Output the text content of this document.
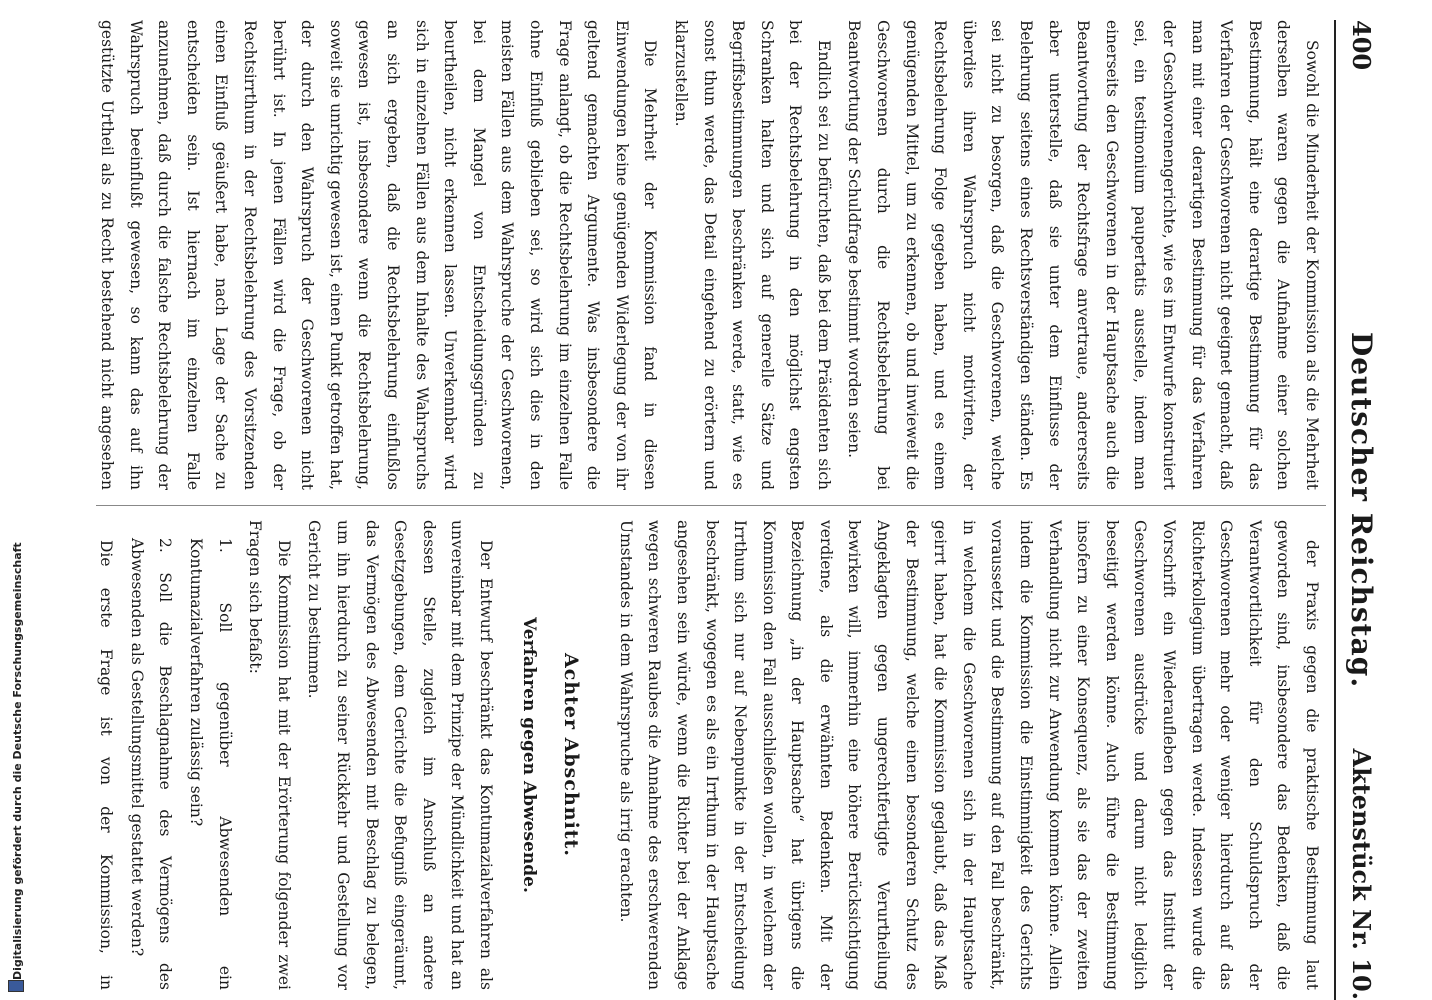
400
Deutscher Reichstag.
Aktenstück Nr. 10.

Sowohl die Minderheit der Kommission als die Mehrheit derselben waren gegen die Aufnahme einer solchen Bestimmung, hält eine derartige Bestimmung für das Verfahren der Geschworenen nicht geeignet gemacht, daß man mit einer derartigen Bestimmung für das Verfahren der Geschworenengerichte, wie es im Entwurfe konstruiert sei, ein testimonium paupertatis ausstelle, indem man einerseits den Geschworenen in der Hauptsache auch die Beantwortung der Rechtsfrage anvertraue, andererseits aber unterstelle, daß sie unter dem Einflusse der Belehrung seitens eines Rechtsverständigen ständen. Es sei nicht zu besorgen, daß die Geschworenen, welche überdies ihren Wahrspruch nicht motivirten, der Rechtsbelehrung Folge gegeben haben, und es einem genügenden Mittel, um zu erkennen, ob und inwieweit die Geschworenen durch die Rechtsbelehrung bei Beantwortung der Schuldfrage bestimmt worden seien.

Endlich sei zu befürchten, daß bei dem Präsidenten sich bei der Rechtsbelehrung in den möglichst engsten Schranken halten und sich auf generelle Sätze und Begriffsbestimmungen beschränken werde, statt, wie es sonst thun werde, das Detail eingehend zu erörtern und klarzustellen.

Die Mehrheit der Kommission fand in diesen Einwendungen keine genügenden Widerlegung der von ihr geltend gemachten Argumente. Was insbesondere die Frage anlangt, ob die Rechtsbelehrung im einzelnen Falle ohne Einfluß geblieben sei, so wird sich dies in den meisten Fällen aus dem Wahrspruche der Geschworenen, bei dem Mangel von Entscheidungsgründen zu beurtheilen, nicht erkennen lassen. Unverkennbar wird sich in einzelnen Fällen aus dem Inhalte des Wahrspruchs an sich ergeben, daß die Rechtsbelehrung einflußlos gewesen ist, insbesondere wenn die Rechtsbelehrung, soweit sie unrichtig gewesen ist, einen Punkt getroffen hat, der durch den Wahrspruch der Geschworenen nicht berührt ist. In jenen Fällen wird die Frage, ob der Rechtsirrthum in der Rechtsbelehrung des Vorsitzenden einen Einfluß geäußert habe, nach Lage der Sache zu entscheiden sein. Ist hiernach im einzelnen Falle anzunehmen, daß durch die falsche Rechtsbelehrung der Wahrspruch beeinflußt gewesen, so kann das auf ihn gestützte Urtheil als zu Recht bestehend nicht angesehen

der Praxis gegen die praktische Bestimmung laut geworden sind, insbesondere das Bedenken, daß die Verantwortlichkeit für den Schuldspruch der Geschworenen mehr oder weniger hierdurch auf das Richterkollegium übertragen werde. Indessen wurde die Vorschrift ein Wiederaufleben gegen das Institut der Geschworenen ausdrücke und darum nicht lediglich beseitigt werden könne. Auch führe die Bestimmung insofern zu einer Konsequenz, als sie das der zweiten Verhandlung nicht zur Anwendung kommen könne. Allein indem die Kommission die Einstimmigkeit des Gerichts voraussetzt und die Bestimmung auf den Fall beschränkt, in welchem die Geschworenen sich in der Hauptsache geirrt haben, hat die Kommission geglaubt, daß das Maß der Bestimmung, welche einen besonderen Schutz des Angeklagten gegen ungerechtfertigte Verurtheilung bewirken will, immerhin eine höhere Berücksichtigung verdiene, als die erwähnten Bedenken. Mit der Bezeichnung „in der Hauptsache“ hat übrigens die Kommission den Fall ausschließen wollen, in welchem der Irrthum sich nur auf Nebenpunkte in der Entscheidung beschränkt, wogegen es als ein Irrthum in der Hauptsache angesehen sein würde, wenn die Richter bei der Anklage wegen schweren Raubes die Annahme des erschwerenden Umstandes in dem Wahrspruche als irrig erachten.

Achter Abschnitt.
Verfahren gegen Abwesende.

Der Entwurf beschränkt das Kontumazialverfahren als unvereinbar mit dem Prinzipe der Mündlichkeit und hat an dessen Stelle, zugleich im Anschluß an andere Gesetzgebungen, dem Gerichte die Befugniß eingeräumt, das Vermögen des Abwesenden mit Beschlag zu belegen, um ihn hierdurch zu seiner Rückkehr und Gestellung vor Gericht zu bestimmen.

Die Kommission hat mit der Erörterung folgender zwei Fragen sich befaßt:

1. Soll gegenüber Abwesenden ein Kontumazialverfahren zulässig sein?

2. Soll die Beschlagnahme des Vermögens des Abwesenden als Gestellungsmittel gestattet werden?

Die erste Frage ist von der Kommission, in

Digitalisierung gefördert durch die Deutsche Forschungsgemeinschaft
